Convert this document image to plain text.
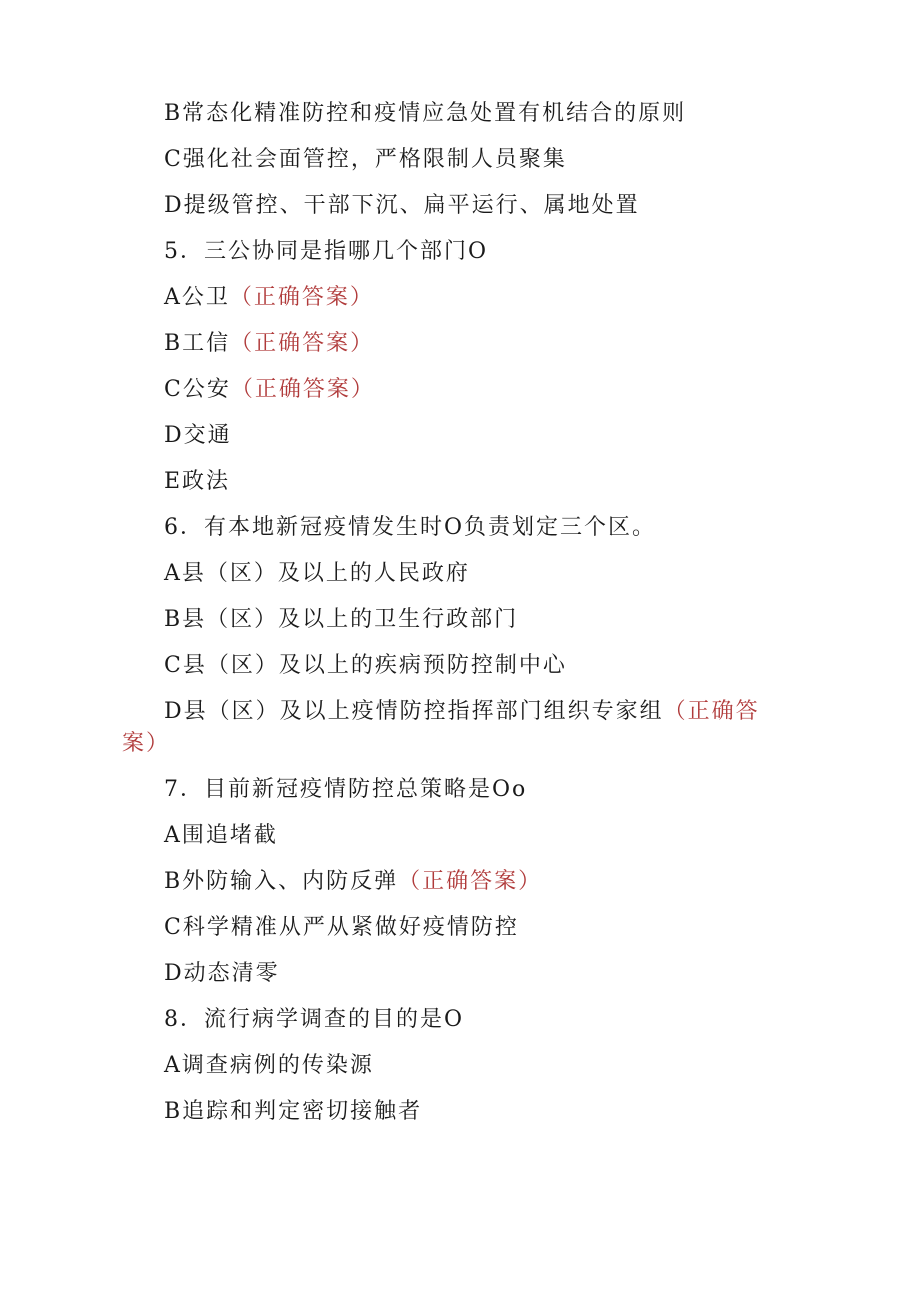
B常态化精准防控和疫情应急处置有机结合的原则
C强化社会面管控，严格限制人员聚集
D提级管控、干部下沉、扁平运行、属地处置
5．三公协同是指哪几个部门O
A公卫（正确答案）
B工信（正确答案）
C公安（正确答案）
D交通
E政法
6．有本地新冠疫情发生时O负责划定三个区。
A县（区）及以上的人民政府
B县（区）及以上的卫生行政部门
C县（区）及以上的疾病预防控制中心
D县（区）及以上疫情防控指挥部门组织专家组（正确答
案）
7．目前新冠疫情防控总策略是Oo
A围追堵截
B外防输入、内防反弹（正确答案）
C科学精准从严从紧做好疫情防控
D动态清零
8．流行病学调查的目的是O
A调查病例的传染源
B追踪和判定密切接触者
